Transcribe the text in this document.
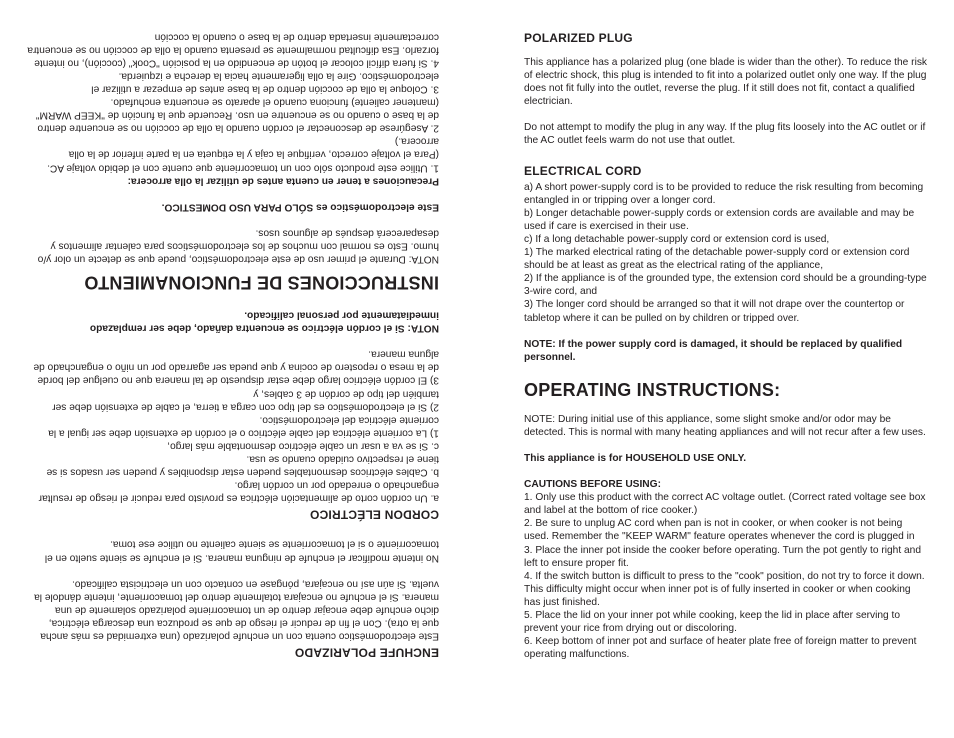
ENCHUFE POLARIZADO

Este electrodoméstico cuenta con un enchufe polarizado (una extremidad es más ancha que la otra). Con el fin de reducir el riesgo de que se produzca una descarga eléctrica, dicho enchufe debe encajar dentro de un tomacorriente polarizado solamente de una manera. Si el enchufe no encajara totalmente dentro del tomacorriente, intente dándole la vuelta. Si aún así no encajara, póngase en contacto con un electricista calificado.

No intente modificar el enchufe de ninguna manera. Si el enchufe se siente suelto en el tomacorriente o si el tomacorriente se siente caliente no utilice ese toma.

CORDON ELÉCTRICO

a. Un cordón corto de alimentación eléctrica es provisto para reducir el riesgo de resultar enganchado o enredado por un cordón largo.

b. Cables eléctricos desmontables pueden estar disponibles y pueden ser usados si se tiene el respectivo cuidado cuando se usa.

c. Si se va a usar un cable eléctrico desmontable más largo,

1) La corriente eléctrica del cable eléctrico o el cordón de extensión debe ser igual a la corriente eléctrica del electrodoméstico.

2) Si el electrodoméstico es del tipo con carga a tierra, el cable de extensión debe ser también del tipo de cordón de 3 cables, y

3) El cordón eléctrico largo debe estar dispuesto de tal manera que no cuelgue del borde de la mesa o repostero de cocina y que pueda ser agarrado por un niño o enganchado de alguna manera.

NOTA: Si el cordón eléctrico se encuentra dañado, debe ser remplazado inmediatamente por personal calificado.

INSTRUCCIONES DE FUNCIONAMIENTO

NOTA: Durante el primer uso de este electrodoméstico, puede que se detecte un olor y/o humo. Esto es normal con muchos de los electrodomésticos para calentar alimentos y desaparecerá después de algunos usos.

Este electrodoméstico es SÓLO PARA USO DOMESTICO.

Precauciones a tener en cuenta antes de utilizar la olla arrocera:

1. Utilice este producto sólo con un tomacorriente que cuente con el debido voltaje AC. (Para el voltaje correcto, verifique la caja y la etiqueta en la parte inferior de la olla arrocera.)

2. Asegúrese de desconectar el cordón cuando la olla de cocción no se encuentre dentro de la base o cuando no se encuentre en uso. Recuerde que la función de "KEEP WARM" (mantener caliente) funciona cuando el aparato se encuentra enchufado.

3. Coloque la olla de cocción dentro de la base antes de empezar a utilizar el electrodoméstico. Gire la olla ligeramente hacia la derecha e izquierda.

4. Si fuera difícil colocar el botón de encendido en la posición "Cook" (cocción), no intente forzarlo. Esa dificultad normalmente se presenta cuando la olla de cocción no se encuentra correctamente insertada dentro de la base o cuando la cocción	POLARIZED PLUG

This appliance has a polarized plug (one blade is wider than the other). To reduce the risk of electric shock, this plug is intended to fit into a polarized outlet only one way. If the plug does not fit fully into the outlet, reverse the plug. If it still does not fit, contact a qualified electrician.

Do not attempt to modify the plug in any way. If the plug fits loosely into the AC outlet or if the AC outlet feels warm do not use that outlet.

ELECTRICAL CORD

a) A short power-supply cord is to be provided to reduce the risk resulting from becoming entangled in or tripping over a longer cord.

b) Longer detachable power-supply cords or extension cords are available and may be used if care is exercised in their use.

c) If a long detachable power-supply cord or extension cord is used,

1) The marked electrical rating of the detachable power-supply cord or extension cord should be at least as great as the electrical rating of the appliance,

2) If the appliance is of the grounded type, the extension cord should be a grounding-type 3-wire cord, and

3) The longer cord should be arranged so that it will not drape over the countertop or tabletop where it can be pulled on by children or tripped over.

NOTE: If the power supply cord is damaged, it should be replaced by qualified personnel.

OPERATING INSTRUCTIONS:

NOTE: During initial use of this appliance, some slight smoke and/or odor may be detected. This is normal with many heating appliances and will not recur after a few uses.

This appliance is for HOUSEHOLD USE ONLY.

CAUTIONS BEFORE USING:

1. Only use this product with the correct AC voltage outlet. (Correct rated voltage see box and label at the bottom of rice cooker.)

2. Be sure to unplug AC cord when pan is not in cooker, or when cooker is not being used. Remember the "KEEP WARM" feature operates whenever the cord is plugged in

3. Place the inner pot inside the cooker before operating. Turn the pot gently to right and left to ensure proper fit.

4. If the switch button is difficult to press to the "cook" position, do not try to force it down. This difficulty might occur when inner pot is of fully inserted in cooker or when cooking has just finished.

5. Place the lid on your inner pot while cooking, keep the lid in place after serving to prevent your rice from drying out or discoloring.

6. Keep bottom of inner pot and surface of heater plate free of foreign matter to prevent operating malfunctions.
